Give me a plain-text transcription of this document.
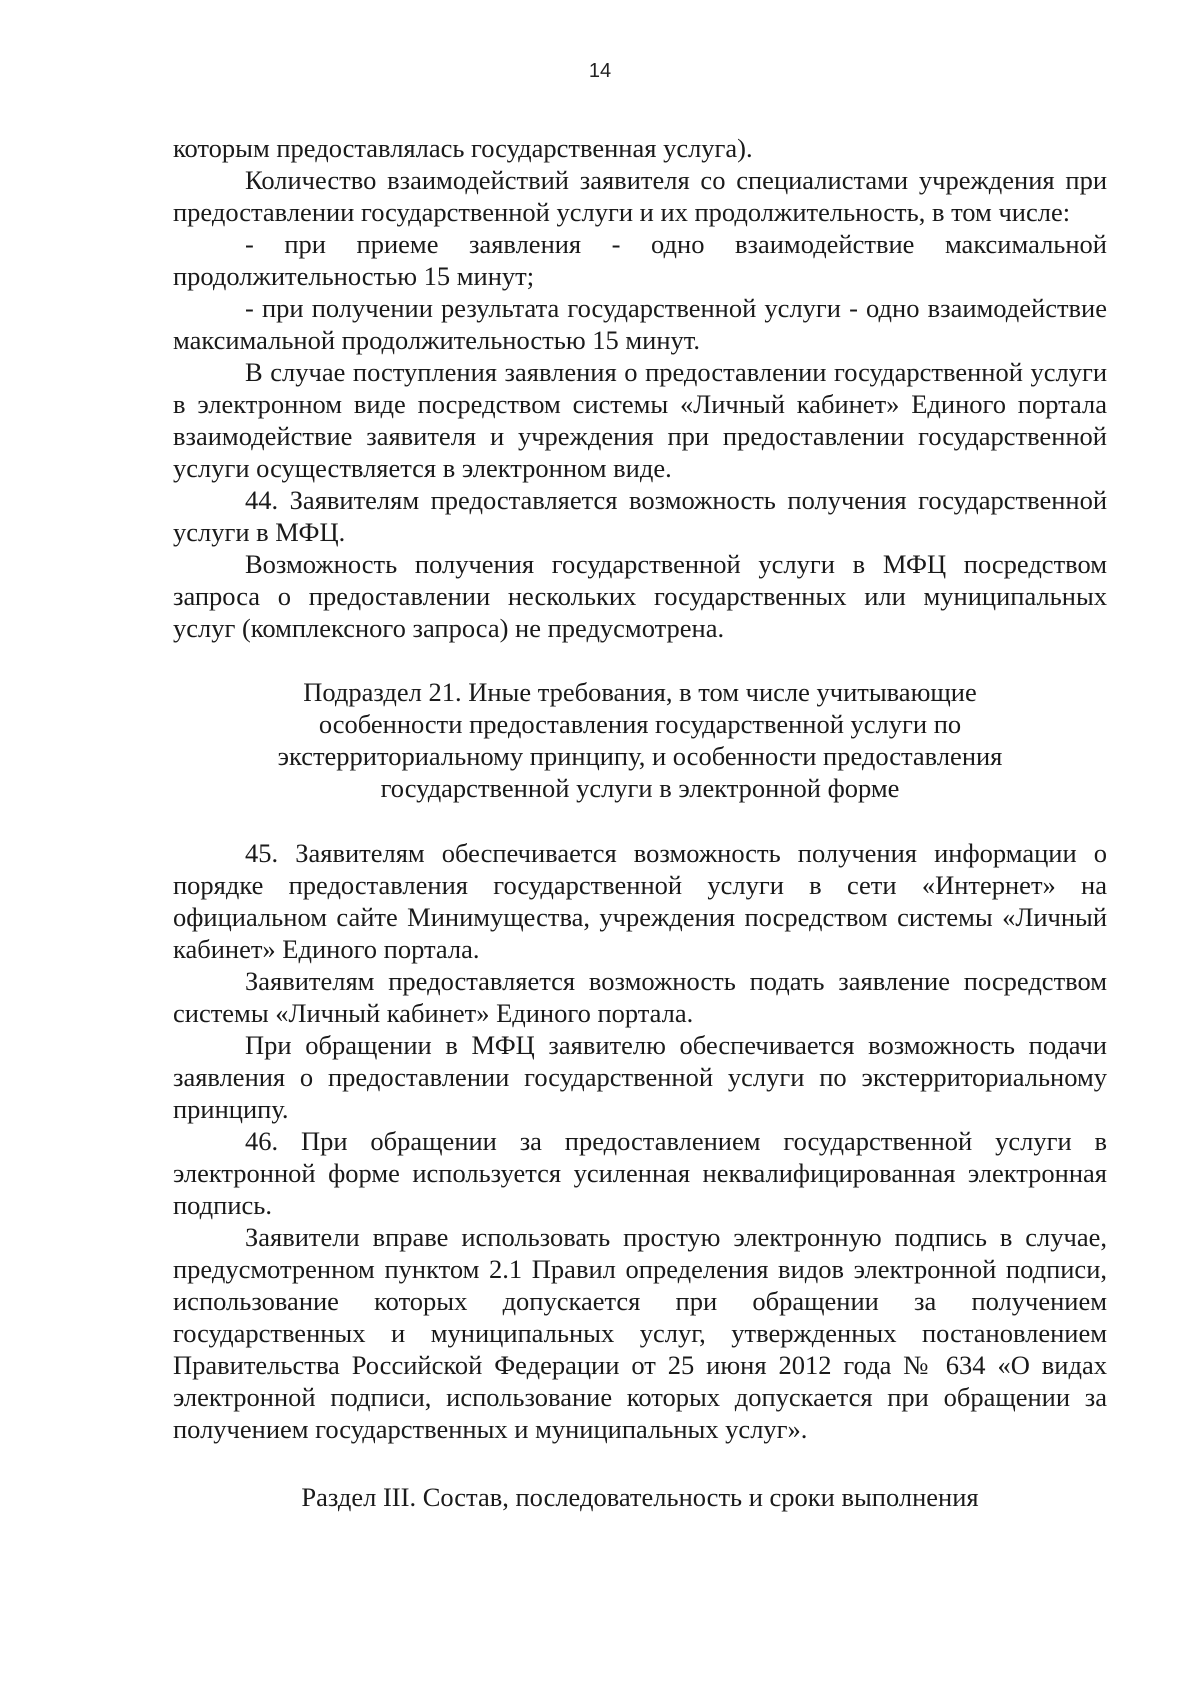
14

которым предоставлялась государственная услуга).

Количество взаимодействий заявителя со специалистами учреждения при предоставлении государственной услуги и их продолжительность, в том числе:

- при приеме заявления - одно взаимодействие максимальной продолжительностью 15 минут;

- при получении результата государственной услуги - одно взаимодействие максимальной продолжительностью 15 минут.

В случае поступления заявления о предоставлении государственной услуги в электронном виде посредством системы «Личный кабинет» Единого портала взаимодействие заявителя и учреждения при предоставлении государственной услуги осуществляется в электронном виде.

44. Заявителям предоставляется возможность получения государственной услуги в МФЦ.

Возможность получения государственной услуги в МФЦ посредством запроса о предоставлении нескольких государственных или муниципальных услуг (комплексного запроса) не предусмотрена.

Подраздел 21. Иные требования, в том числе учитывающие
особенности предоставления государственной услуги по
экстерриториальному принципу, и особенности предоставления
государственной услуги в электронной форме

45. Заявителям обеспечивается возможность получения информации о порядке предоставления государственной услуги в сети «Интернет» на официальном сайте Минимущества, учреждения посредством системы «Личный кабинет» Единого портала.

Заявителям предоставляется возможность подать заявление посредством системы «Личный кабинет» Единого портала.

При обращении в МФЦ заявителю обеспечивается возможность подачи заявления о предоставлении государственной услуги по экстерриториальному принципу.

46. При обращении за предоставлением государственной услуги в электронной форме используется усиленная неквалифицированная электронная подпись.

Заявители вправе использовать простую электронную подпись в случае, предусмотренном пунктом 2.1 Правил определения видов электронной подписи, использование которых допускается при обращении за получением государственных и муниципальных услуг, утвержденных постановлением Правительства Российской Федерации от 25 июня 2012 года № 634 «О видах электронной подписи, использование которых допускается при обращении за получением государственных и муниципальных услуг».

Раздел III. Состав, последовательность и сроки выполнения
